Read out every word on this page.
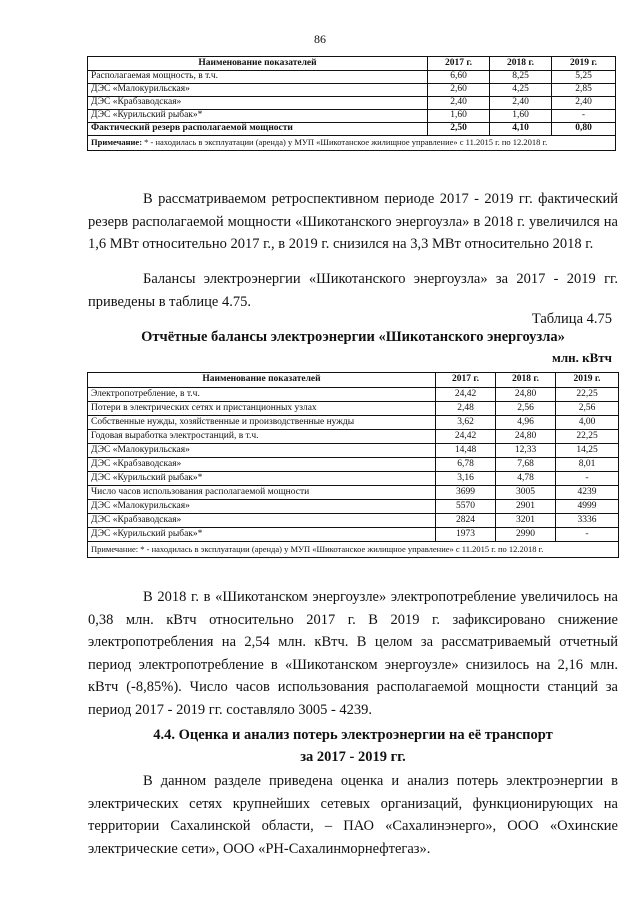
86
Наименование показателей	2017 г.	2018 г.	2019 г.
Располагаемая мощность, в т.ч.	6,60	8,25	5,25
ДЭС «Малокурильская»	2,60	4,25	2,85
ДЭС «Крабзаводская»	2,40	2,40	2,40
ДЭС «Курильский рыбак»*	1,60	1,60	-
Фактический резерв располагаемой мощности	2,50	4,10	0,80
Примечание: * - находилась в эксплуатации (аренда) у МУП «Шикотанское жилищное управление» с 11.2015 г. по 12.2018 г.			

В рассматриваемом ретроспективном периоде 2017 - 2019 гг. фактический резерв располагаемой мощности «Шикотанского энергоузла» в 2018 г. увеличился на 1,6 МВт относительно 2017 г., в 2019 г. снизился на 3,3 МВт относительно 2018 г.

Балансы электроэнергии «Шикотанского энергоузла» за 2017 - 2019 гг. приведены в таблице 4.75.

Таблица 4.75
Отчётные балансы электроэнергии «Шикотанского энергоузла»
млн. кВтч
Наименование показателей	2017 г.	2018 г.	2019 г.
Электропотребление, в т.ч.	24,42	24,80	22,25
Потери в электрических сетях и пристанционных узлах	2,48	2,56	2,56
Собственные нужды, хозяйственные и производственные нужды	3,62	4,96	4,00
Годовая выработка электростанций, в т.ч.	24,42	24,80	22,25
ДЭС «Малокурильская»	14,48	12,33	14,25
ДЭС «Крабзаводская»	6,78	7,68	8,01
ДЭС «Курильский рыбак»*	3,16	4,78	-
Число часов использования располагаемой мощности	3699	3005	4239
ДЭС «Малокурильская»	5570	2901	4999
ДЭС «Крабзаводская»	2824	3201	3336
ДЭС «Курильский рыбак»*	1973	2990	-
Примечание: * - находилась в эксплуатации (аренда) у МУП «Шикотанское жилищное управление» с 11.2015 г. по 12.2018 г.			

В 2018 г. в «Шикотанском энергоузле» электропотребление увеличилось на 0,38 млн. кВтч относительно 2017 г. В 2019 г. зафиксировано снижение электропотребления на 2,54 млн. кВтч. В целом за рассматриваемый отчетный период электропотребление в «Шикотанском энергоузле» снизилось на 2,16 млн. кВтч (-8,85%). Число часов использования располагаемой мощности станций за период 2017 - 2019 гг. составляло 3005 - 4239.

4.4. Оценка и анализ потерь электроэнергии на её транспорт
за 2017 - 2019 гг.

В данном разделе приведена оценка и анализ потерь электроэнергии в электрических сетях крупнейших сетевых организаций, функционирующих на территории Сахалинской области, – ПАО «Сахалинэнерго», ООО «Охинские электрические сети», ООО «РН-Сахалинморнефтегаз».
